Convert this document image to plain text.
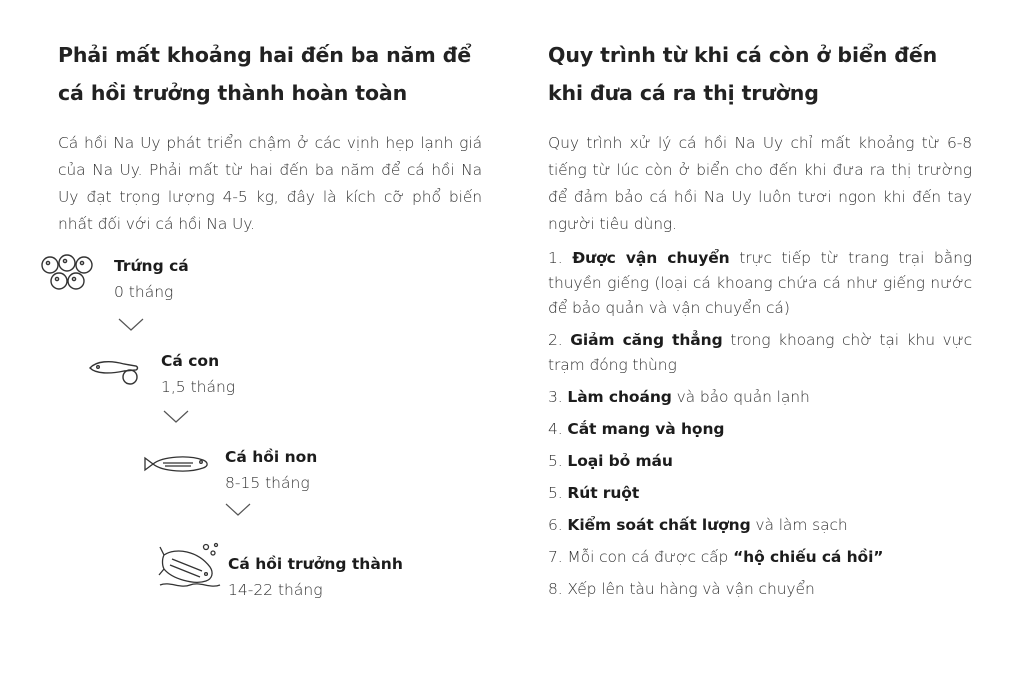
Phải mất khoảng hai đến ba năm để cá hồi trưởng thành hoàn toàn

Cá hồi Na Uy phát triển chậm ở các vịnh hẹp lạnh giá của Na Uy. Phải mất từ hai đến ba năm để cá hồi Na Uy đạt trọng lượng 4-5 kg, đây là kích cỡ phổ biến nhất đối với cá hồi Na Uy.

Trứng cá
0 tháng
Cá con
1,5 tháng
Cá hồi non
8-15 tháng
Cá hồi trưởng thành
14-22 tháng
Quy trình từ khi cá còn ở biển đến khi đưa cá ra thị trường

Quy trình xử lý cá hồi Na Uy chỉ mất khoảng từ 6-8 tiếng từ lúc còn ở biển cho đến khi đưa ra thị trường để đảm bảo cá hồi Na Uy luôn tươi ngon khi đến tay người tiêu dùng.

1. Được vận chuyển trực tiếp từ trang trại bằng thuyền giếng (loại cá khoang chứa cá như giếng nước để bảo quản và vận chuyển cá)
2. Giảm căng thẳng trong khoang chờ tại khu vực trạm đóng thùng
3. Làm choáng và bảo quản lạnh
4. Cắt mang và họng
5. Loại bỏ máu
5. Rút ruột
6. Kiểm soát chất lượng và làm sạch
7. Mỗi con cá được cấp “hộ chiếu cá hồi”
8. Xếp lên tàu hàng và vận chuyển
